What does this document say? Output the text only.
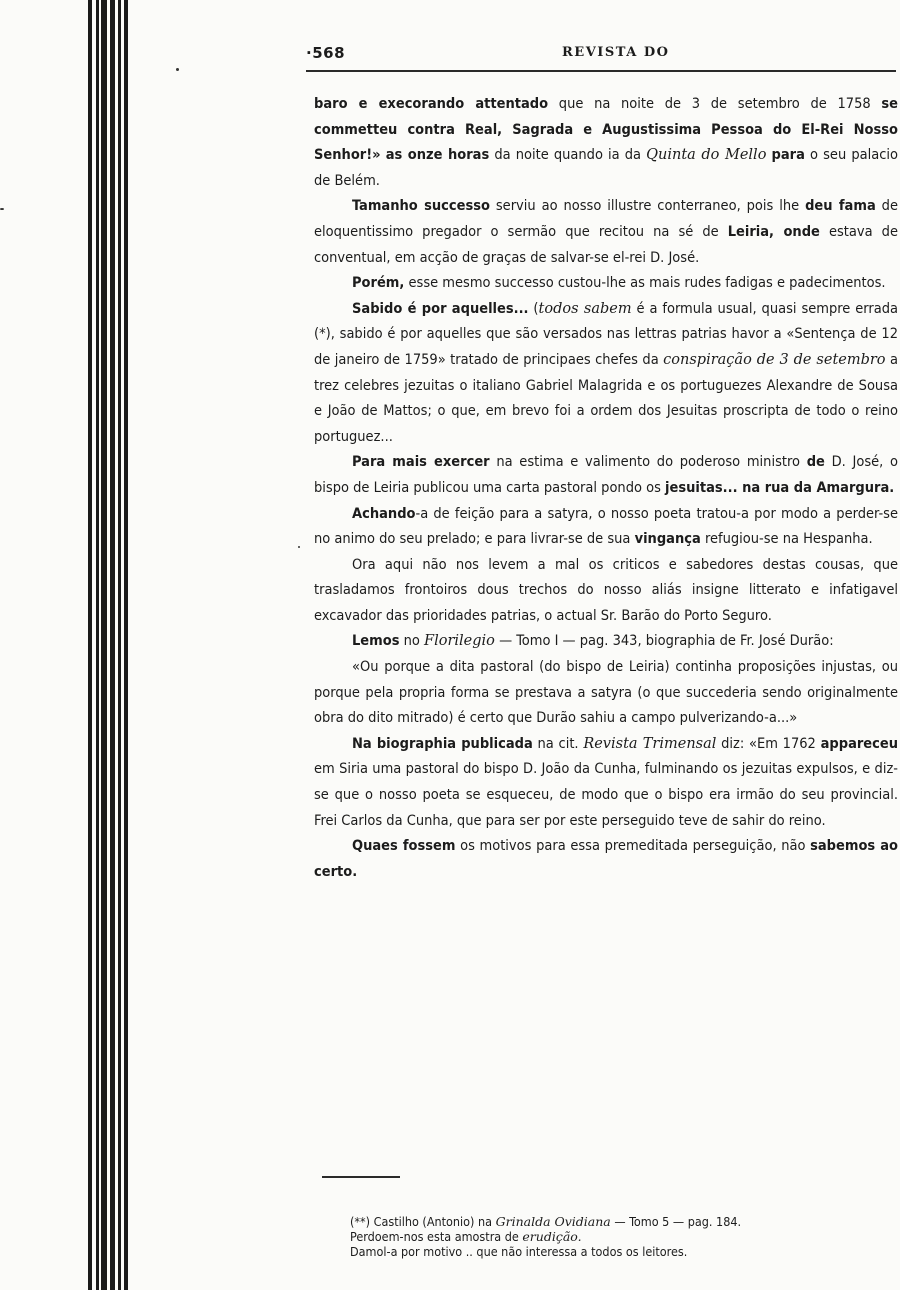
·568	REVISTA DO

baro e execorando attentado que na noite de 3 de setembro de 1758 se commetteu contra Real, Sagrada e Augustissima Pessoa do El-Rei Nosso Senhor!» as onze horas da noite quando ia da Quinta do Mello para o seu palacio de Belém.

Tamanho successo serviu ao nosso illustre conterraneo, pois lhe deu fama de eloquentissimo pregador o sermão que recitou na sé de Leiria, onde estava de conventual, em acção de graças de salvar-se el-rei D. José.

Porém, esse mesmo successo custou-lhe as mais rudes fadigas e padecimentos.

Sabido é por aquelles... (todos sabem é a formula usual, quasi sempre errada (*), sabido é por aquelles que são versados nas lettras patrias havor a «Sentença de 12 de janeiro de 1759» tratado de principaes chefes da conspiração de 3 de setembro a trez celebres jezuitas o italiano Gabriel Malagrida e os portuguezes Alexandre de Sousa e João de Mattos; o que, em brevo foi a ordem dos Jesuitas proscripta de todo o reino portuguez...

Para mais exercer na estima e valimento do poderoso ministro de D. José, o bispo de Leiria publicou uma carta pastoral pondo os jesuitas... na rua da Amargura.

Achando-a de feição para a satyra, o nosso poeta tratou-a por modo a perder-se no animo do seu prelado; e para livrar-se de sua vingança refugiou-se na Hespanha.

Ora aqui não nos levem a mal os criticos e sabedores destas cousas, que trasladamos frontoiros dous trechos do nosso aliás insigne litterato e infatigavel excavador das prioridades patrias, o actual Sr. Barão do Porto Seguro.

Lemos no Florilegio — Tomo I — pag. 343, biographia de Fr. José Durão:

«Ou porque a dita pastoral (do bispo de Leiria) continha proposições injustas, ou porque pela propria forma se prestava a satyra (o que succederia sendo originalmente obra do dito mitrado) é certo que Durão sahiu a campo pulverizando-a...»

Na biographia publicada na cit. Revista Trimensal diz: «Em 1762 appareceu em Siria uma pastoral do bispo D. João da Cunha, fulminando os jezuitas expulsos, e diz-se que o nosso poeta se esqueceu, de modo que o bispo era irmão do seu provincial. Frei Carlos da Cunha, que para ser por este perseguido teve de sahir do reino.

Quaes fossem os motivos para essa premeditada perseguição, não sabemos ao certo.

(**) Castilho (Antonio) na Grinalda Ovidiana — Tomo 5 — pag. 184.
Perdoem-nos esta amostra de erudição.
Damol-a por motivo .. que não interessa a todos os leitores.
